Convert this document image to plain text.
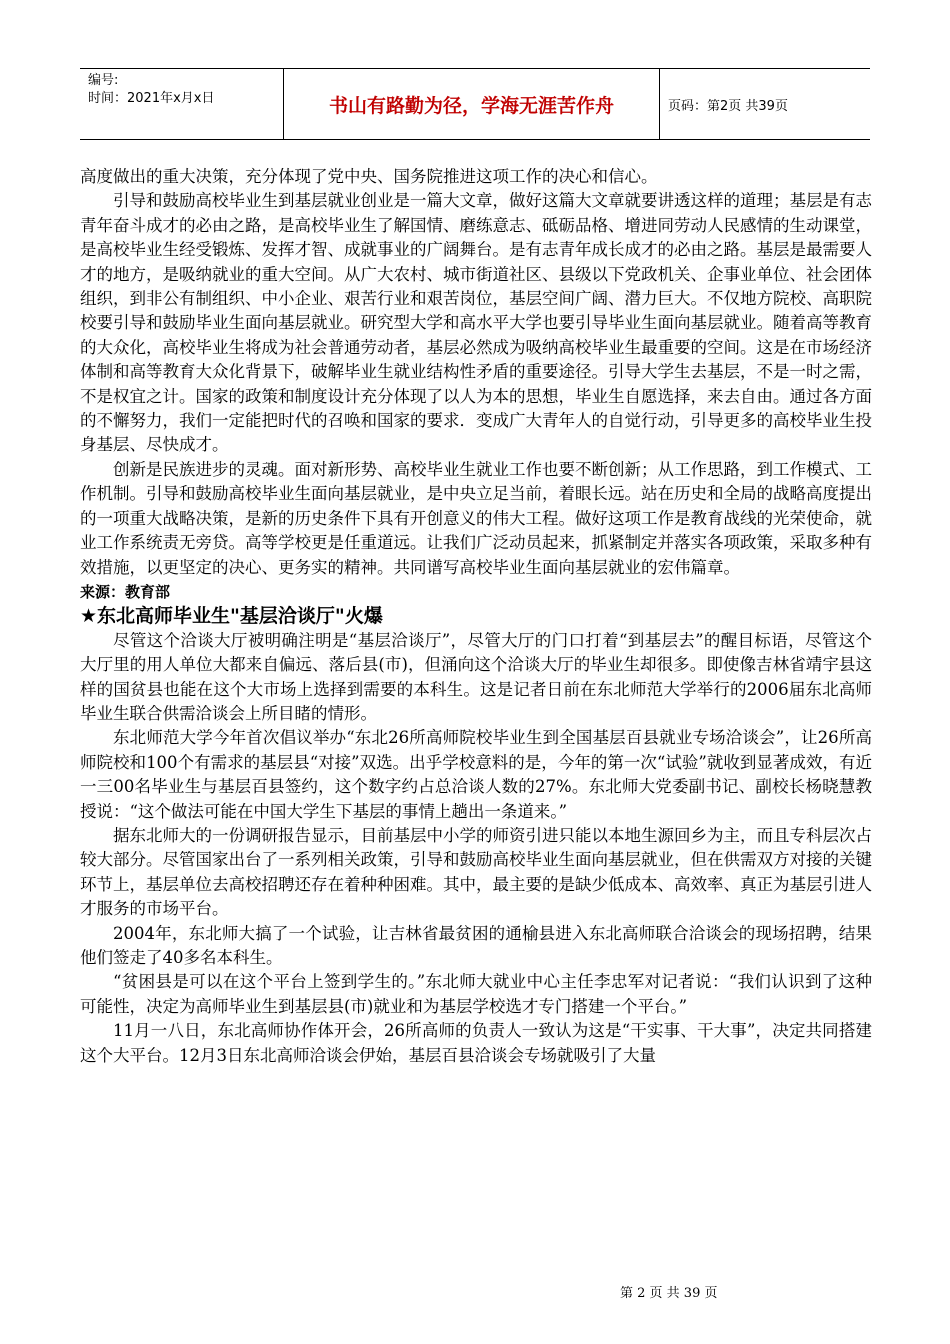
编号:
时间：2021年x月x日	书山有路勤为径，学海无涯苦作舟	页码：第2页 共39页

高度做出的重大决策，充分体现了党中央、国务院推进这项工作的决心和信心。

引导和鼓励高校毕业生到基层就业创业是一篇大文章，做好这篇大文章就要讲透这样的道理；基层是有志青年奋斗成才的必由之路，是高校毕业生了解国情、磨练意志、砥砺品格、增进同劳动人民感情的生动课堂，是高校毕业生经受锻炼、发挥才智、成就事业的广阔舞台。是有志青年成长成才的必由之路。基层是最需要人才的地方，是吸纳就业的重大空间。从广大农村、城市街道社区、县级以下党政机关、企事业单位、社会团体组织，到非公有制组织、中小企业、艰苦行业和艰苦岗位，基层空间广阔、潜力巨大。不仅地方院校、高职院校要引导和鼓励毕业生面向基层就业。研究型大学和高水平大学也要引导毕业生面向基层就业。随着高等教育的大众化，高校毕业生将成为社会普通劳动者，基层必然成为吸纳高校毕业生最重要的空间。这是在市场经济体制和高等教育大众化背景下，破解毕业生就业结构性矛盾的重要途径。引导大学生去基层，不是一时之需，不是权宜之计。国家的政策和制度设计充分体现了以人为本的思想，毕业生自愿选择，来去自由。通过各方面的不懈努力，我们一定能把时代的召唤和国家的要求．变成广大青年人的自觉行动，引导更多的高校毕业生投身基层、尽快成才。

创新是民族进步的灵魂。面对新形势、高校毕业生就业工作也要不断创新；从工作思路，到工作模式、工作机制。引导和鼓励高校毕业生面向基层就业，是中央立足当前，着眼长远。站在历史和全局的战略高度提出的一项重大战略决策，是新的历史条件下具有开创意义的伟大工程。做好这项工作是教育战线的光荣使命，就业工作系统责无旁贷。高等学校更是任重道远。让我们广泛动员起来，抓紧制定并落实各项政策，采取多种有效措施，以更坚定的决心、更务实的精神。共同谱写高校毕业生面向基层就业的宏伟篇章。

来源：教育部

★东北高师毕业生"基层洽谈厅"火爆

尽管这个洽谈大厅被明确注明是“基层洽谈厅”，尽管大厅的门口打着“到基层去”的醒目标语，尽管这个大厅里的用人单位大都来自偏远、落后县(市)，但涌向这个洽谈大厅的毕业生却很多。即使像吉林省靖宇县这样的国贫县也能在这个大市场上选择到需要的本科生。这是记者日前在东北师范大学举行的2006届东北高师毕业生联合供需洽谈会上所目睹的情形。

东北师范大学今年首次倡议举办“东北26所高师院校毕业生到全国基层百县就业专场洽谈会”，让26所高师院校和100个有需求的基层县“对接”双选。出乎学校意料的是，今年的第一次“试验”就收到显著成效，有近一三00名毕业生与基层百县签约，这个数字约占总洽谈人数的27%。东北师大党委副书记、副校长杨晓慧教授说：“这个做法可能在中国大学生下基层的事情上趟出一条道来。”

据东北师大的一份调研报告显示，目前基层中小学的师资引进只能以本地生源回乡为主，而且专科层次占较大部分。尽管国家出台了一系列相关政策，引导和鼓励高校毕业生面向基层就业，但在供需双方对接的关键环节上，基层单位去高校招聘还存在着种种困难。其中，最主要的是缺少低成本、高效率、真正为基层引进人才服务的市场平台。

2004年，东北师大搞了一个试验，让吉林省最贫困的通榆县进入东北高师联合洽谈会的现场招聘，结果他们签走了40多名本科生。

“贫困县是可以在这个平台上签到学生的。”东北师大就业中心主任李忠军对记者说：“我们认识到了这种可能性，决定为高师毕业生到基层县(市)就业和为基层学校选才专门搭建一个平台。”

11月一八日，东北高师协作体开会，26所高师的负责人一致认为这是“干实事、干大事”，决定共同搭建这个大平台。12月3日东北高师洽谈会伊始，基层百县洽谈会专场就吸引了大量

第 2 页 共 39 页
